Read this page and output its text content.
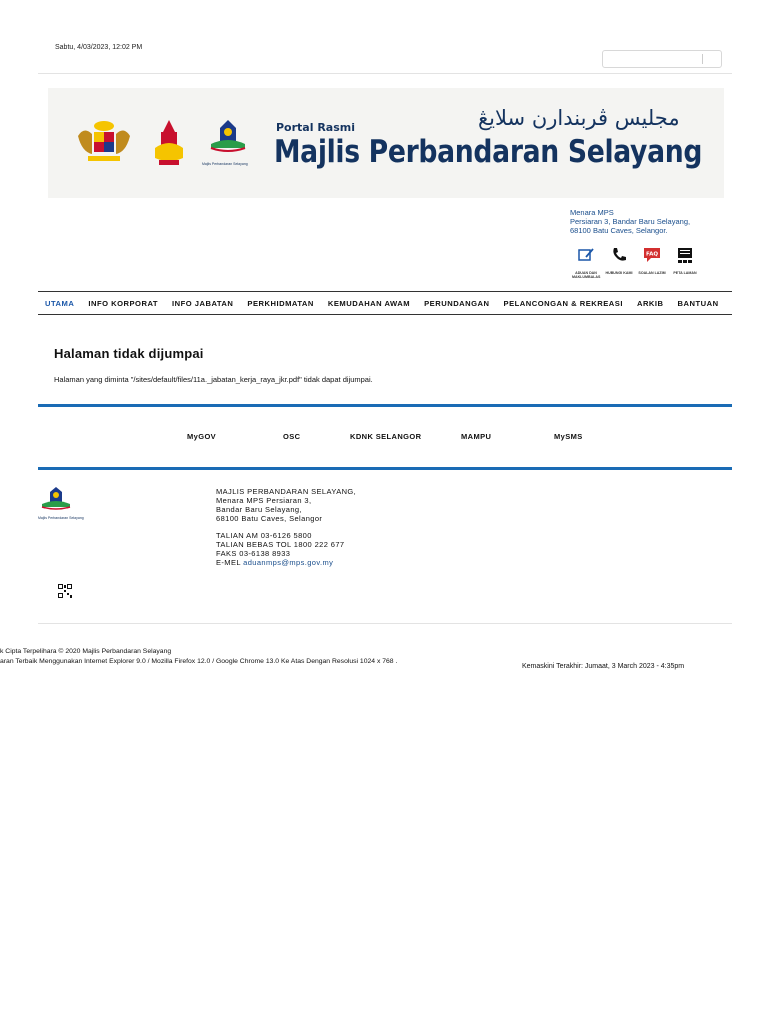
Sabtu, 4/03/2023, 12:02 PM
Majlis Perbandaran Selayang
Portal Rasmi
Majlis Perbandaran Selayang
مجليس ڤربندارن سلايڠ
Menara MPS
Persiaran 3, Bandar Baru Selayang,
68100 Batu Caves, Selangor.
ADUAN DAN MAKLUMBALAS
HUBUNGI KAMI
FAQ
SOALAN LAZIM	PETA LAMAN
UTAMA	INFO KORPORAT	INFO JABATAN	PERKHIDMATAN	KEMUDAHAN AWAM	PERUNDANGAN	PELANCONGAN & REKREASI	ARKIB	BANTUAN
Halaman tidak dijumpai

Halaman yang diminta "/sites/default/files/11a._jabatan_kerja_raya_jkr.pdf" tidak dapat dijumpai.

MyGOV	OSC	KDNK SELANGOR	MAMPU	MySMS
Majlis Perbandaran Selayang
MAJLIS PERBANDARAN SELAYANG,
Menara MPS Persiaran 3,
Bandar Baru Selayang,
68100 Batu Caves, Selangor
TALIAN AM 03-6126 5800
TALIAN BEBAS TOL 1800 222 677
FAKS 03-6138 8933
E-MEL aduanmps@mps.gov.my
k Cipta Terpelihara © 2020 Majlis Perbandaran Selayang
aran Terbaik Menggunakan Internet Explorer 9.0 / Mozilla Firefox 12.0 / Google Chrome 13.0 Ke Atas Dengan Resolusi 1024 x 768 .
Kemaskini Terakhir: Jumaat, 3 March 2023 - 4:35pm
